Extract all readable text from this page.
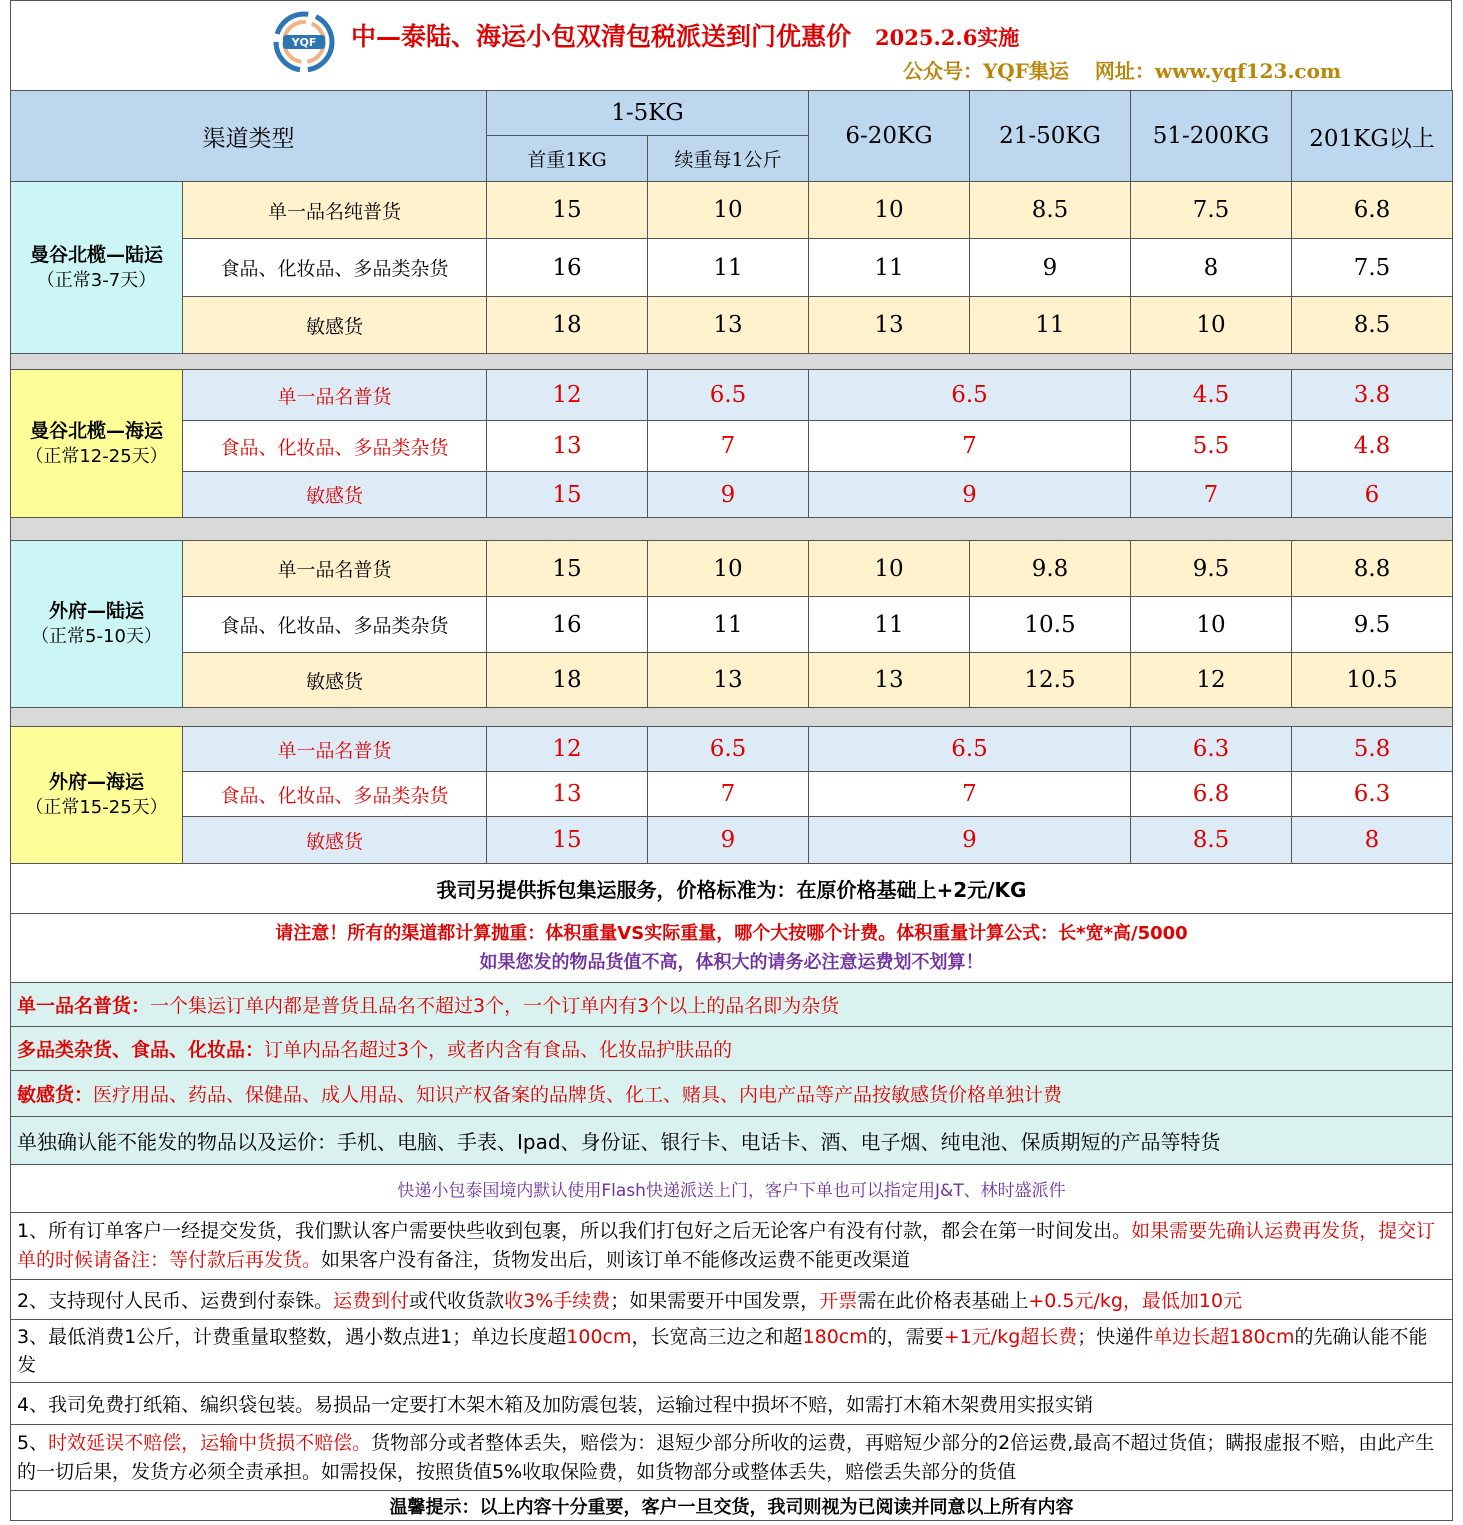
YQF 中—泰陆、海运小包双清包税派送到门优惠价 2025.2.6实施
公众号：YQF集运 网址：www.yqf123.com
渠道类型		1-5KG		6-20KG	21-50KG	51-200KG	201KG以上
		首重1KG	续重每1公斤				

曼谷北榄—陆运
（正常3-7天）	单一品名纯普货	15	10	10	8.5	7.5	6.8
	食品、化妆品、多品类杂货	16	11	11	9	8	7.5
	敏感货	18	13	13	11	10	8.5

曼谷北榄—海运
（正常12-25天）	单一品名普货	12	6.5	6.5		4.5	3.8
	食品、化妆品、多品类杂货	13	7	7		5.5	4.8
	敏感货	15	9	9		7	6

外府—陆运
（正常5-10天）	单一品名普货	15	10	10	9.8	9.5	8.8
	食品、化妆品、多品类杂货	16	11	11	10.5	10	9.5
	敏感货	18	13	13	12.5	12	10.5

外府—海运
（正常15-25天）	单一品名普货	12	6.5	6.5		6.3	5.8
	食品、化妆品、多品类杂货	13	7	7		6.8	6.3
	敏感货	15	9	9		8.5	8
我司另提供拆包集运服务，价格标准为：在原价格基础上+2元/KG							

请注意！所有的渠道都计算抛重：体积重量VS实际重量，哪个大按哪个计费。体积重量计算公式：长*宽*高/5000
如果您发的物品货值不高，体积大的请务必注意运费划不划算！							

单一品名普货：一个集运订单内都是普货且品名不超过3个，一个订单内有3个以上的品名即为杂货							
多品类杂货、食品、化妆品：订单内品名超过3个，或者内含有食品、化妆品护肤品的							
敏感货：医疗用品、药品、保健品、成人用品、知识产权备案的品牌货、化工、赌具、内电产品等产品按敏感货价格单独计费							
单独确认能不能发的物品以及运价：手机、电脑、手表、Ipad、身份证、银行卡、电话卡、酒、电子烟、纯电池、保质期短的产品等特货							
快递小包泰国境内默认使用Flash快递派送上门，客户下单也可以指定用J&T、林时盛派件							
1、所有订单客户一经提交发货，我们默认客户需要快些收到包裹，所以我们打包好之后无论客户有没有付款，都会在第一时间发出。如果需要先确认运费再发货，提交订单的时候请备注：等付款后再发货。如果客户没有备注，货物发出后，则该订单不能修改运费不能更改渠道							
2、支持现付人民币、运费到付泰铢。运费到付或代收货款收3%手续费；如果需要开中国发票，开票需在此价格表基础上+0.5元/kg，最低加10元							
3、最低消费1公斤，计费重量取整数，遇小数点进1；单边长度超100cm，长宽高三边之和超180cm的，需要+1元/kg超长费；快递件单边长超180cm的先确认能不能发							
4、我司免费打纸箱、编织袋包装。易损品一定要打木架木箱及加防震包装，运输过程中损坏不赔，如需打木箱木架费用实报实销							
5、时效延误不赔偿，运输中货损不赔偿。货物部分或者整体丢失，赔偿为：退短少部分所收的运费，再赔短少部分的2倍运费,最高不超过货值；瞒报虚报不赔，由此产生的一切后果，发货方必须全责承担。如需投保，按照货值5%收取保险费，如货物部分或整体丢失，赔偿丢失部分的货值							
温馨提示：以上内容十分重要，客户一旦交货，我司则视为已阅读并同意以上所有内容							
